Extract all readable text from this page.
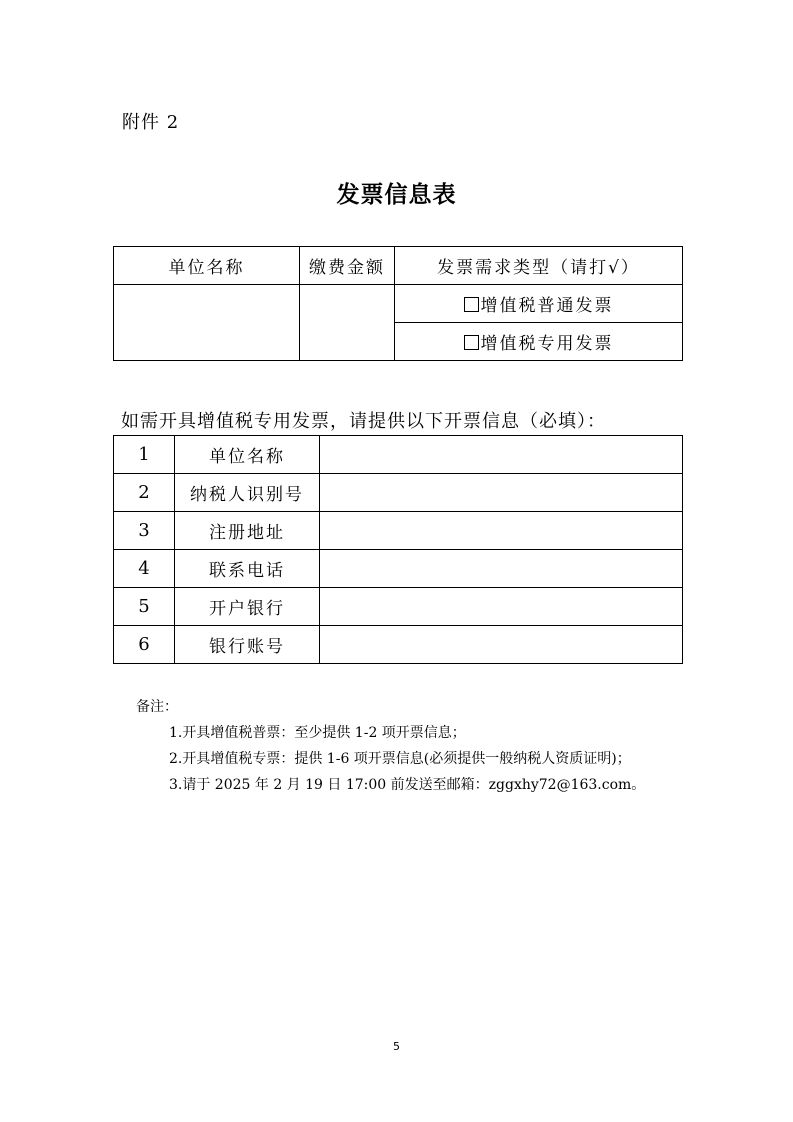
附件 2
发票信息表
单位名称	缴费金额	发票需求类型（请打√）
		增值税普通发票
		增值税专用发票
如需开具增值税专用发票，请提供以下开票信息（必填）：
1	单位名称	
2	纳税人识别号	
3	注册地址	
4	联系电话	
5	开户银行	
6	银行账号	
备注：
1.开具增值税普票：至少提供 1-2 项开票信息；
2.开具增值税专票：提供 1-6 项开票信息(必须提供一般纳税人资质证明)；
3.请于 2025 年 2 月 19 日 17:00 前发送至邮箱：zggxhy72@163.com。
5
